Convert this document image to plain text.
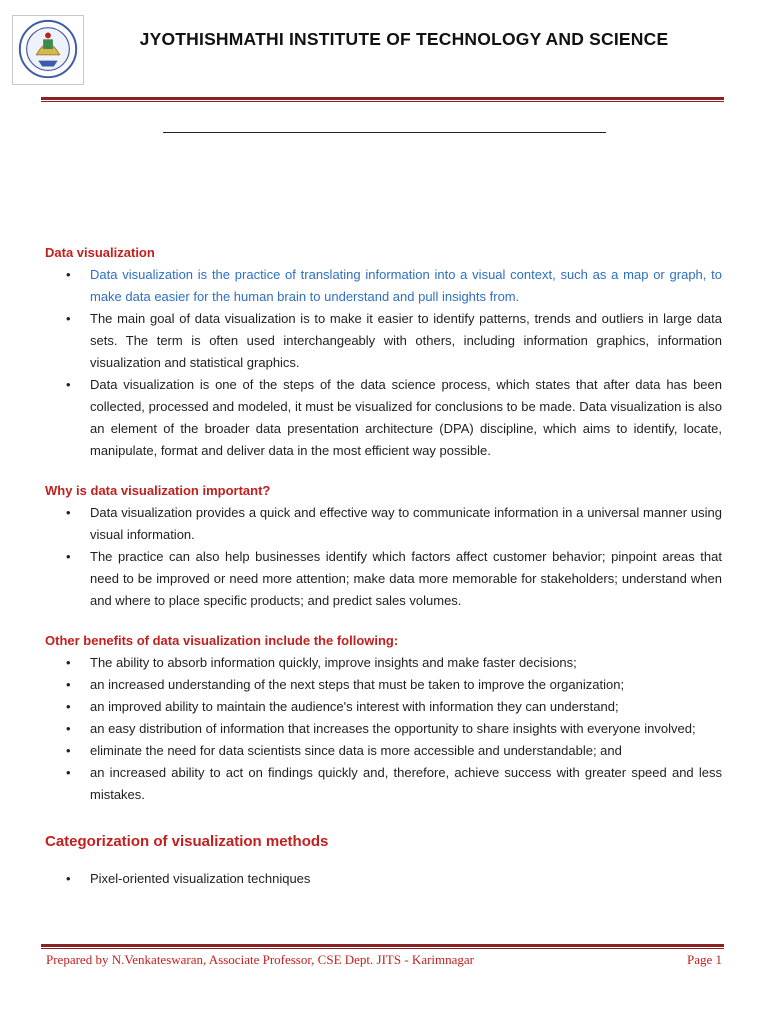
JYOTHISHMATHI INSTITUTE OF TECHNOLOGY AND SCIENCE
Data visualization
• Data visualization is the practice of translating information into a visual context, such as a map or graph, to make data easier for the human brain to understand and pull insights from.
• The main goal of data visualization is to make it easier to identify patterns, trends and outliers in large data sets. The term is often used interchangeably with others, including information graphics, information visualization and statistical graphics.
• Data visualization is one of the steps of the data science process, which states that after data has been collected, processed and modeled, it must be visualized for conclusions to be made. Data visualization is also an element of the broader data presentation architecture (DPA) discipline, which aims to identify, locate, manipulate, format and deliver data in the most efficient way possible.
Why is data visualization important?
• Data visualization provides a quick and effective way to communicate information in a universal manner using visual information.
• The practice can also help businesses identify which factors affect customer behavior; pinpoint areas that need to be improved or need more attention; make data more memorable for stakeholders; understand when and where to place specific products; and predict sales volumes.
Other benefits of data visualization include the following:
• The ability to absorb information quickly, improve insights and make faster decisions;
• an increased understanding of the next steps that must be taken to improve the organization;
• an improved ability to maintain the audience's interest with information they can understand;
• an easy distribution of information that increases the opportunity to share insights with everyone involved;
• eliminate the need for data scientists since data is more accessible and understandable; and
• an increased ability to act on findings quickly and, therefore, achieve success with greater speed and less mistakes.
Categorization of visualization methods
• Pixel-oriented visualization techniques
Prepared by N.Venkateswaran, Associate Professor, CSE Dept. JITS - Karimnagar	Page 1
